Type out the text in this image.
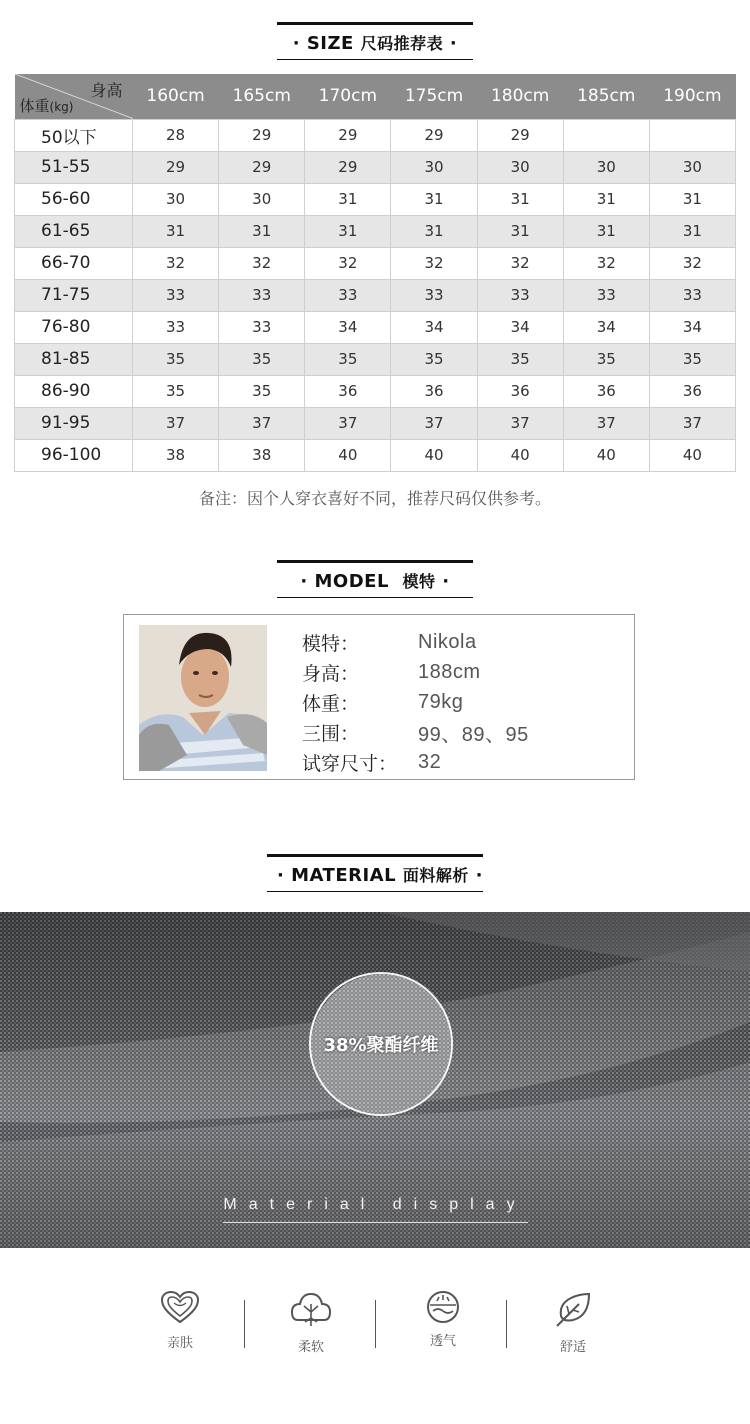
· SIZE 尺码推荐表 ·
身高
体重(kg)	160cm	165cm	170cm	175cm	180cm	185cm	190cm
50以下	28	29	29	29	29		
51-55	29	29	29	30	30	30	30
56-60	30	30	31	31	31	31	31
61-65	31	31	31	31	31	31	31
66-70	32	32	32	32	32	32	32
71-75	33	33	33	33	33	33	33
76-80	33	33	34	34	34	34	34
81-85	35	35	35	35	35	35	35
86-90	35	35	36	36	36	36	36
91-95	37	37	37	37	37	37	37
96-100	38	38	40	40	40	40	40
备注：因个人穿衣喜好不同，推荐尺码仅供参考。
· MODEL 模特 ·
模特：	Nikola
身高：	188cm
体重：	79kg
三围：	99、89、95
试穿尺寸：	32
· MATERIAL 面料解析 ·
38%聚酯纤维
Material display
亲肤	柔软	透气	舒适
